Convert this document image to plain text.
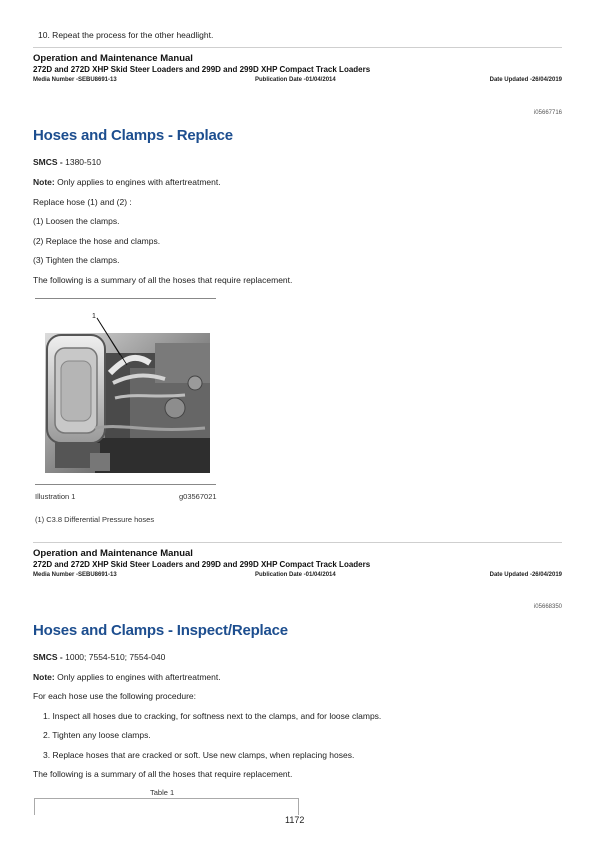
10. Repeat the process for the other headlight.
Operation and Maintenance Manual
272D and 272D XHP Skid Steer Loaders and 299D and 299D XHP Compact Track Loaders
Media Number -SEBU8691-13	Publication Date -01/04/2014	Date Updated -26/04/2019
i05667716
Hoses and Clamps - Replace
SMCS - 1380-510
Note: Only applies to engines with aftertreatment.
Replace hose (1) and (2) :
(1) Loosen the clamps.
(2) Replace the hose and clamps.
(3) Tighten the clamps.
The following is a summary of all the hoses that require replacement.
1
Illustration 1	g03567021
(1) C3.8 Differential Pressure hoses
Operation and Maintenance Manual
272D and 272D XHP Skid Steer Loaders and 299D and 299D XHP Compact Track Loaders
Media Number -SEBU8691-13	Publication Date -01/04/2014	Date Updated -26/04/2019
i05668350
Hoses and Clamps - Inspect/Replace
SMCS - 1000; 7554-510; 7554-040
Note: Only applies to engines with aftertreatment.
For each hose use the following procedure:
1. Inspect all hoses due to cracking, for softness next to the clamps, and for loose clamps.
2. Tighten any loose clamps.
3. Replace hoses that are cracked or soft. Use new clamps, when replacing hoses.
The following is a summary of all the hoses that require replacement.
Table 1
1172
